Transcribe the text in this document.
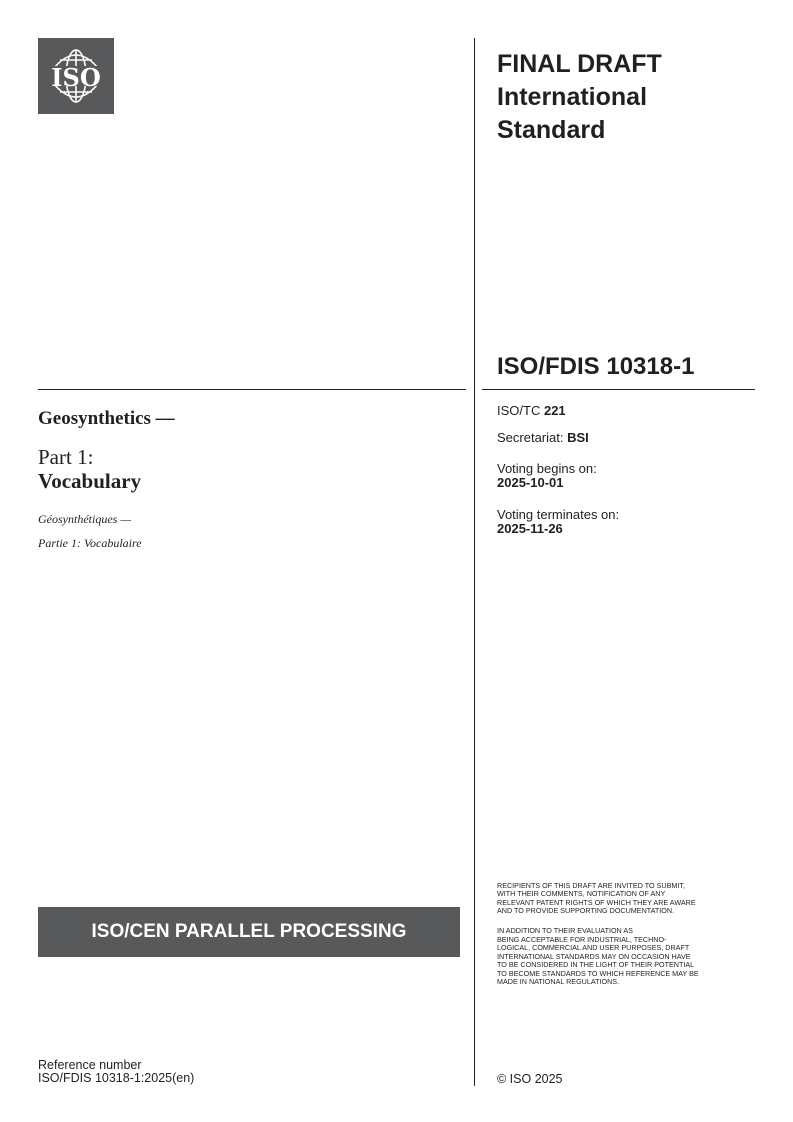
ISO	FINAL DRAFT
International
Standard
ISO/FDIS 10318-1
ISO/TC 221
Secretariat: BSI
Voting begins on:
2025-10-01
Voting terminates on:
2025-11-26
Geosynthetics —
Part 1:
Vocabulary
Géosynthétiques —
Partie 1: Vocabulaire

RECIPIENTS OF THIS DRAFT ARE INVITED TO SUBMIT,
WITH THEIR COMMENTS, NOTIFICATION OF ANY
RELEVANT PATENT RIGHTS OF WHICH THEY ARE AWARE
AND TO PROVIDE SUPPORTING DOCUMENTATION.

IN ADDITION TO THEIR EVALUATION AS
BEING ACCEPTABLE FOR INDUSTRIAL, TECHNO-
LOGICAL, COMMERCIAL AND USER PURPOSES, DRAFT
INTERNATIONAL STANDARDS MAY ON OCCASION HAVE
TO BE CONSIDERED IN THE LIGHT OF THEIR POTENTIAL
TO BECOME STANDARDS TO WHICH REFERENCE MAY BE
MADE IN NATIONAL REGULATIONS.

ISO/CEN PARALLEL PROCESSING
Reference number
ISO/FDIS 10318-1:2025(en)	© ISO 2025
